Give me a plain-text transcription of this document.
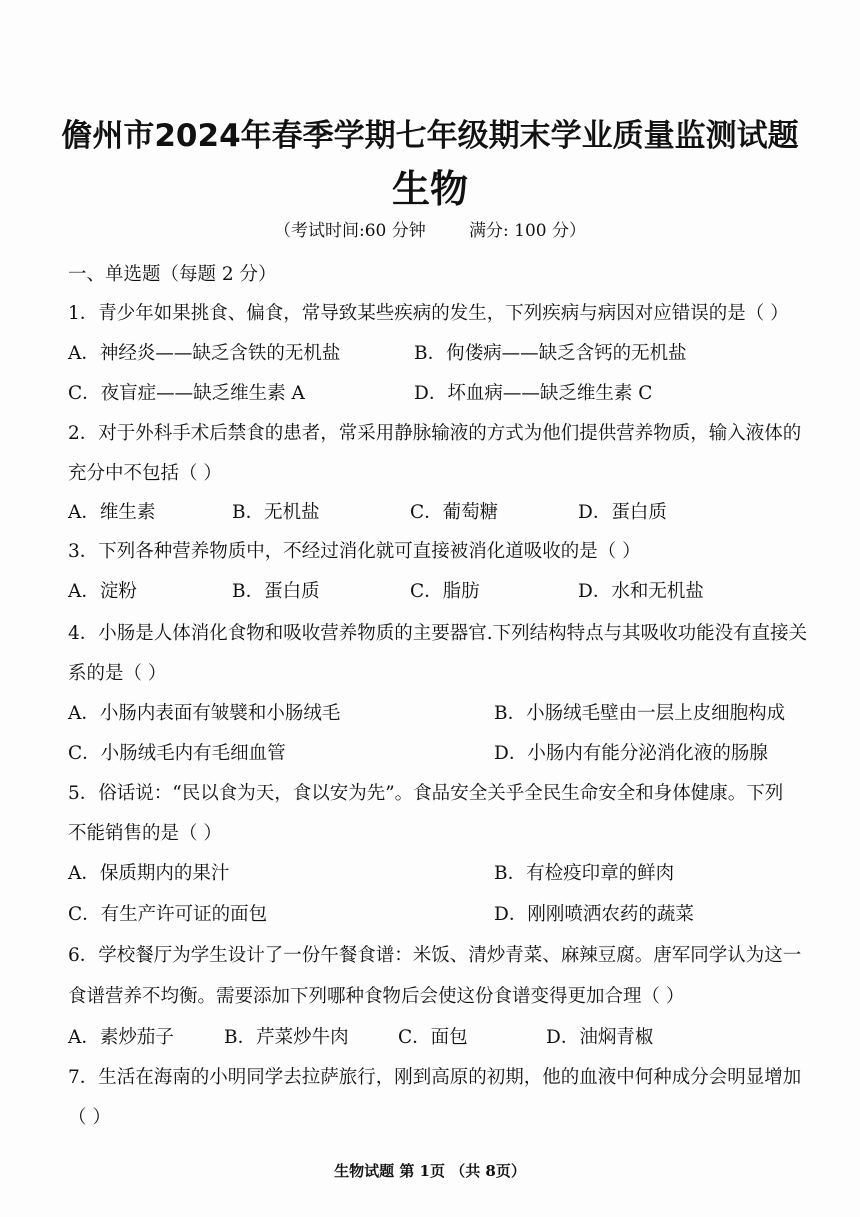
儋州市2024年春季学期七年级期末学业质量监测试题
生物
（考试时间:60 分钟        满分: 100 分）
一、单选题（每题 2 分）
1．青少年如果挑食、偏食，常导致某些疾病的发生，下列疾病与病因对应错误的是（ ）
A．神经炎——缺乏含铁的无机盐	B．佝偻病——缺乏含钙的无机盐
C．夜盲症——缺乏维生素 A	D．坏血病——缺乏维生素 C
2．对于外科手术后禁食的患者，常采用静脉输液的方式为他们提供营养物质，输入液体的
充分中不包括（ ）
A．维生素	B．无机盐	C．葡萄糖	D．蛋白质
3．下列各种营养物质中，不经过消化就可直接被消化道吸收的是（ ）
A．淀粉	B．蛋白质	C．脂肪	D．水和无机盐
4．小肠是人体消化食物和吸收营养物质的主要器官.下列结构特点与其吸收功能没有直接关
系的是（ ）
A．小肠内表面有皱襞和小肠绒毛	B．小肠绒毛壁由一层上皮细胞构成
C．小肠绒毛内有毛细血管	D．小肠内有能分泌消化液的肠腺
5．俗话说：“民以食为天，食以安为先”。食品安全关乎全民生命安全和身体健康。下列
不能销售的是（ ）
A．保质期内的果汁	B．有检疫印章的鲜肉
C．有生产许可证的面包	D．刚刚喷洒农药的蔬菜
6．学校餐厅为学生设计了一份午餐食谱：米饭、清炒青菜、麻辣豆腐。唐军同学认为这一
食谱营养不均衡。需要添加下列哪种食物后会使这份食谱变得更加合理（ ）
A．素炒茄子	B．芹菜炒牛肉	C．面包	D．油焖青椒
7．生活在海南的小明同学去拉萨旅行，刚到高原的初期，他的血液中何种成分会明显增加
（ ）
生物试题 第 1页 （共 8页）
